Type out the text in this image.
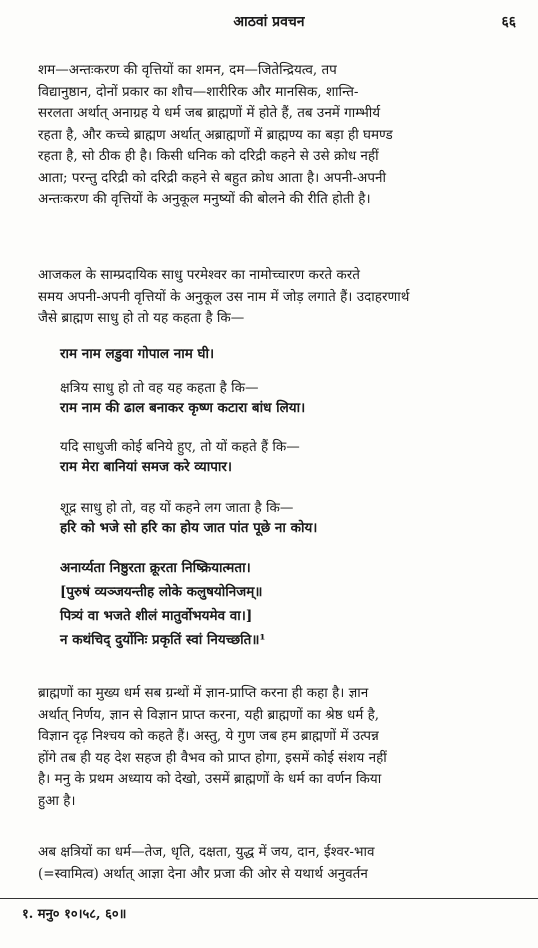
आठवां प्रवचन	६६

शम—अन्तःकरण की वृत्तियों का शमन, दम—जितेन्द्रियत्व, तप

विद्यानुष्ठान, दोनों प्रकार का शौच—शारीरिक और मानसिक, शान्ति-

सरलता अर्थात् अनाग्रह ये धर्म जब ब्राह्मणों में होते हैं, तब उनमें गाम्भीर्य

रहता है, और कच्चे ब्राह्मण अर्थात् अब्राह्मणों में ब्राह्मण्य का बड़ा ही घमण्ड

रहता है, सो ठीक ही है। किसी धनिक को दरिद्री कहने से उसे क्रोध नहीं

आता; परन्तु दरिद्री को दरिद्री कहने से बहुत क्रोध आता है। अपनी-अपनी

अन्तःकरण की वृत्तियों के अनुकूल मनुष्यों की बोलने की रीति होती है।

आजकल के साम्प्रदायिक साधु परमेश्वर का नामोच्चारण करते करते

समय अपनी-अपनी वृत्तियों के अनुकूल उस नाम में जोड़ लगाते हैं। उदाहरणार्थ

जैसे ब्राह्मण साधु हो तो यह कहता है कि—

राम नाम लडुवा गोपाल नाम घी।
क्षत्रिय साधु हो तो वह यह कहता है कि—
राम नाम की ढाल बनाकर कृष्ण कटारा बांध लिया।
यदि साधुजी कोई बनिये हुए, तो यों कहते हैं कि—
राम मेरा बानियां समज करे व्यापार।
शूद्र साधु हो तो, वह यों कहने लग जाता है कि—
हरि को भजे सो हरि का होय जात पांत पूछे ना कोय।
अनार्य्यता निष्ठुरता क्रूरता निष्क्रियात्मता।
[पुरुषं व्यञ्जयन्तीह लोके कलुषयोनिजम्॥
पित्र्यं वा भजते शीलं मातुर्वोभयमेव वा।]
न कथंचिद् दुर्योनिः प्रकृतिं स्वां नियच्छति॥¹

ब्राह्मणों का मुख्य धर्म सब ग्रन्थों में ज्ञान-प्राप्ति करना ही कहा है। ज्ञान

अर्थात् निर्णय, ज्ञान से विज्ञान प्राप्त करना, यही ब्राह्मणों का श्रेष्ठ धर्म है,

विज्ञान दृढ़ निश्चय को कहते हैं। अस्तु, ये गुण जब हम ब्राह्मणों में उत्पन्न

होंगे तब ही यह देश सहज ही वैभव को प्राप्त होगा, इसमें कोई संशय नहीं

है। मनु के प्रथम अध्याय को देखो, उसमें ब्राह्मणों के धर्म का वर्णन किया

हुआ है।

अब क्षत्रियों का धर्म—तेज, धृति, दक्षता, युद्ध में जय, दान, ईश्वर-भाव

(=स्वामित्व) अर्थात् आज्ञा देना और प्रजा की ओर से यथार्थ अनुवर्तन

१. मनु० १०।५८, ६०॥
